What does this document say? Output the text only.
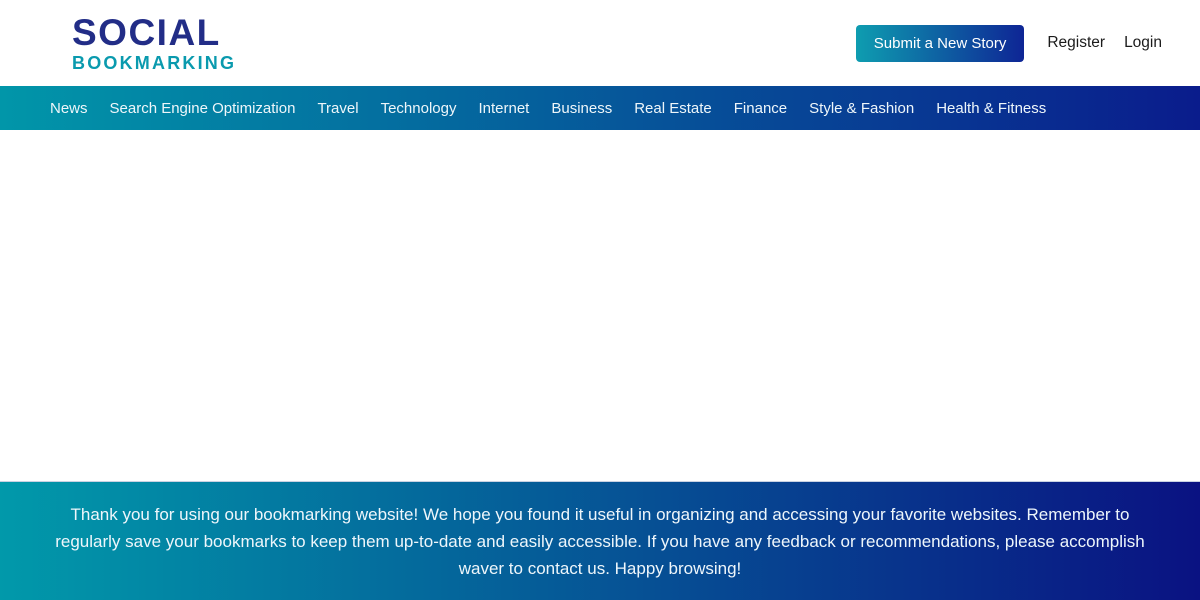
SOCIAL
BOOKMARKING
Submit a New Story	Register Login
News	Search Engine Optimization	Travel	Technology	Internet	Business	Real Estate	Finance	Style & Fashion	Health & Fitness

Thank you for using our bookmarking website! We hope you found it useful in organizing and accessing your favorite websites. Remember to regularly save your bookmarks to keep them up-to-date and easily accessible. If you have any feedback or recommendations, please accomplish waver to contact us. Happy browsing!
